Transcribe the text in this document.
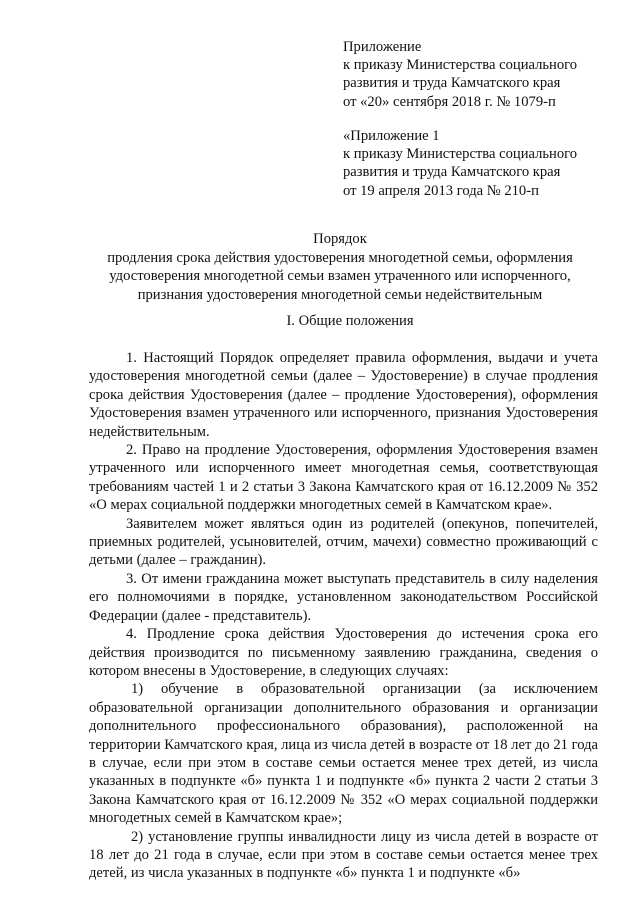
Приложение
к приказу Министерства социального
развития и труда Камчатского края
от «20» сентября 2018 г. № 1079-п
«Приложение 1
к приказу Министерства социального
развития и труда Камчатского края
от 19 апреля 2013 года № 210-п
Порядок
продления срока действия удостоверения многодетной семьи, оформления
удостоверения многодетной семьи взамен утраченного или испорченного,
признания удостоверения многодетной семьи недействительным
I. Общие положения

1. Настоящий Порядок определяет правила оформления, выдачи и учета удостоверения многодетной семьи (далее – Удостоверение) в случае продления срока действия Удостоверения (далее – продление Удостоверения), оформления Удостоверения взамен утраченного или испорченного, признания Удостоверения недействительным.

2. Право на продление Удостоверения, оформления Удостоверения взамен утраченного или испорченного имеет многодетная семья, соответствующая требованиям частей 1 и 2 статьи 3 Закона Камчатского края от 16.12.2009 № 352 «О мерах социальной поддержки многодетных семей в Камчатском крае».

Заявителем может являться один из родителей (опекунов, попечителей, приемных родителей, усыновителей, отчим, мачехи) совместно проживающий с детьми (далее – гражданин).

3. От имени гражданина может выступать представитель в силу наделения его полномочиями в порядке, установленном законодательством Российской Федерации (далее - представитель).

4. Продление срока действия Удостоверения до истечения срока его действия производится по письменному заявлению гражданина, сведения о котором внесены в Удостоверение, в следующих случаях:

1) обучение в образовательной организации (за исключением образовательной организации дополнительного образования и организации дополнительного профессионального образования), расположенной на территории Камчатского края, лица из числа детей в возрасте от 18 лет до 21 года в случае, если при этом в составе семьи остается менее трех детей, из числа указанных в подпункте «б» пункта 1 и подпункте «б» пункта 2 части 2 статьи 3 Закона Камчатского края от 16.12.2009 № 352 «О мерах социальной поддержки многодетных семей в Камчатском крае»;

2) установление группы инвалидности лицу из числа детей в возрасте от 18 лет до 21 года в случае, если при этом в составе семьи остается менее трех детей, из числа указанных в подпункте «б» пункта 1 и подпункте «б»
